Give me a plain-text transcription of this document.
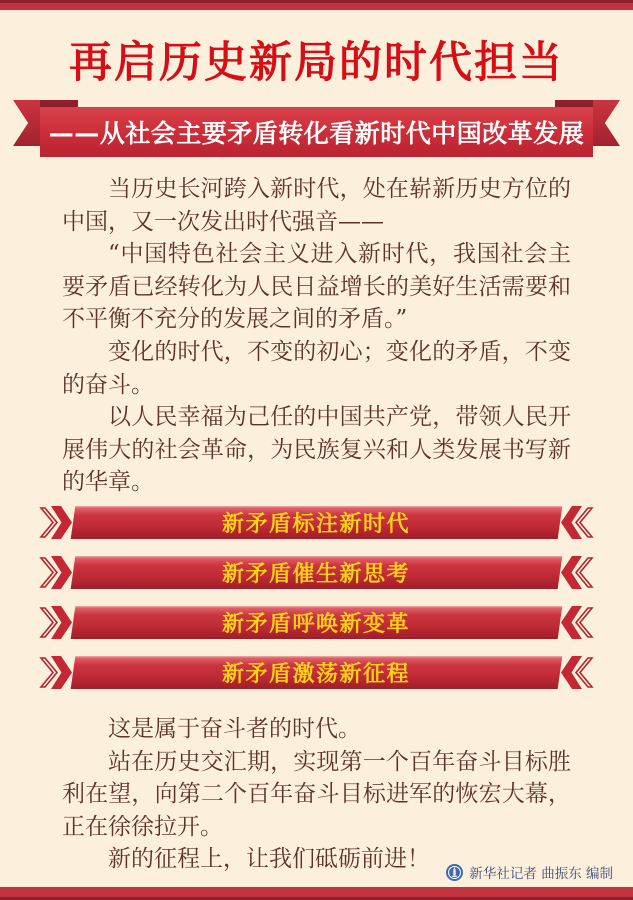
再启历史新局的时代担当
——从社会主要矛盾转化看新时代中国改革发展

当历史长河跨入新时代，处在崭新历史方位的中国，又一次发出时代强音——

“中国特色社会主义进入新时代，我国社会主要矛盾已经转化为人民日益增长的美好生活需要和不平衡不充分的发展之间的矛盾。”

变化的时代，不变的初心；变化的矛盾，不变的奋斗。

以人民幸福为己任的中国共产党，带领人民开展伟大的社会革命，为民族复兴和人类发展书写新的华章。

新矛盾标注新时代
新矛盾催生新思考
新矛盾呼唤新变革
新矛盾激荡新征程

这是属于奋斗者的时代。

站在历史交汇期，实现第一个百年奋斗目标胜利在望，向第二个百年奋斗目标进军的恢宏大幕，正在徐徐拉开。

新的征程上，让我们砥砺前进！

新华社记者 曲振东 编制
